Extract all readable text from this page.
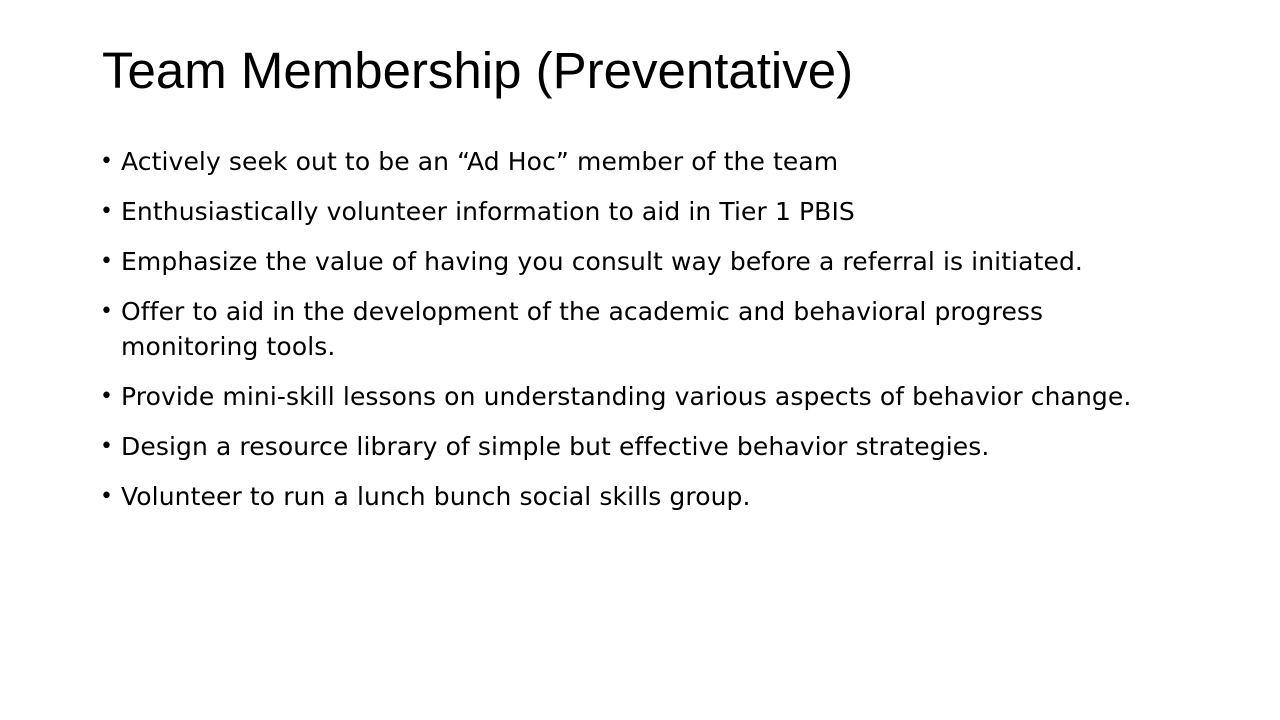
Team Membership (Preventative)
• Actively seek out to be an “Ad Hoc” member of the team
• Enthusiastically volunteer information to aid in Tier 1 PBIS
• Emphasize the value of having you consult way before a referral is initiated.
• Offer to aid in the development of the academic and behavioral progress monitoring tools.
• Provide mini-skill lessons on understanding various aspects of behavior change.
• Design a resource library of simple but effective behavior strategies.
• Volunteer to run a lunch bunch social skills group.
